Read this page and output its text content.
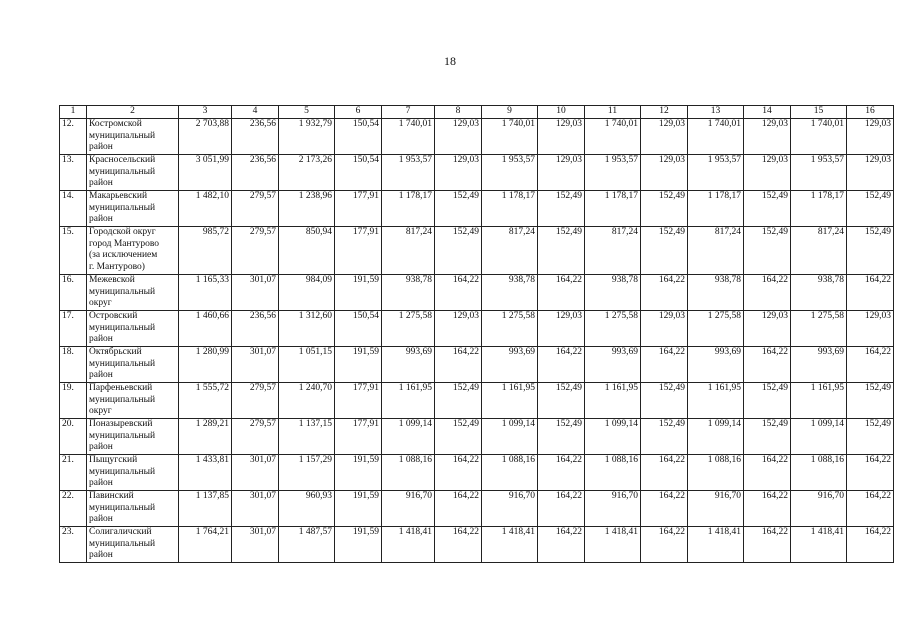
18
1	2	3	4	5	6	7	8	9	10	11	12	13	14	15	16
12.	Костромской
муниципальный
район	2 703,88	236,56	1 932,79	150,54	1 740,01	129,03	1 740,01	129,03	1 740,01	129,03	1 740,01	129,03	1 740,01	129,03
13.	Красносельский
муниципальный
район	3 051,99	236,56	2 173,26	150,54	1 953,57	129,03	1 953,57	129,03	1 953,57	129,03	1 953,57	129,03	1 953,57	129,03
14.	Макарьевский
муниципальный
район	1 482,10	279,57	1 238,96	177,91	1 178,17	152,49	1 178,17	152,49	1 178,17	152,49	1 178,17	152,49	1 178,17	152,49
15.	Городской округ
город Мантурово
(за исключением
г. Мантурово)	985,72	279,57	850,94	177,91	817,24	152,49	817,24	152,49	817,24	152,49	817,24	152,49	817,24	152,49
16.	Межевской
муниципальный
округ	1 165,33	301,07	984,09	191,59	938,78	164,22	938,78	164,22	938,78	164,22	938,78	164,22	938,78	164,22
17.	Островский
муниципальный
район	1 460,66	236,56	1 312,60	150,54	1 275,58	129,03	1 275,58	129,03	1 275,58	129,03	1 275,58	129,03	1 275,58	129,03
18.	Октябрьский
муниципальный
район	1 280,99	301,07	1 051,15	191,59	993,69	164,22	993,69	164,22	993,69	164,22	993,69	164,22	993,69	164,22
19.	Парфеньевский
муниципальный
округ	1 555,72	279,57	1 240,70	177,91	1 161,95	152,49	1 161,95	152,49	1 161,95	152,49	1 161,95	152,49	1 161,95	152,49
20.	Поназыревский
муниципальный
район	1 289,21	279,57	1 137,15	177,91	1 099,14	152,49	1 099,14	152,49	1 099,14	152,49	1 099,14	152,49	1 099,14	152,49
21.	Пыщугский
муниципальный
район	1 433,81	301,07	1 157,29	191,59	1 088,16	164,22	1 088,16	164,22	1 088,16	164,22	1 088,16	164,22	1 088,16	164,22
22.	Павинский
муниципальный
район	1 137,85	301,07	960,93	191,59	916,70	164,22	916,70	164,22	916,70	164,22	916,70	164,22	916,70	164,22
23.	Солигаличский
муниципальный
район	1 764,21	301,07	1 487,57	191,59	1 418,41	164,22	1 418,41	164,22	1 418,41	164,22	1 418,41	164,22	1 418,41	164,22
